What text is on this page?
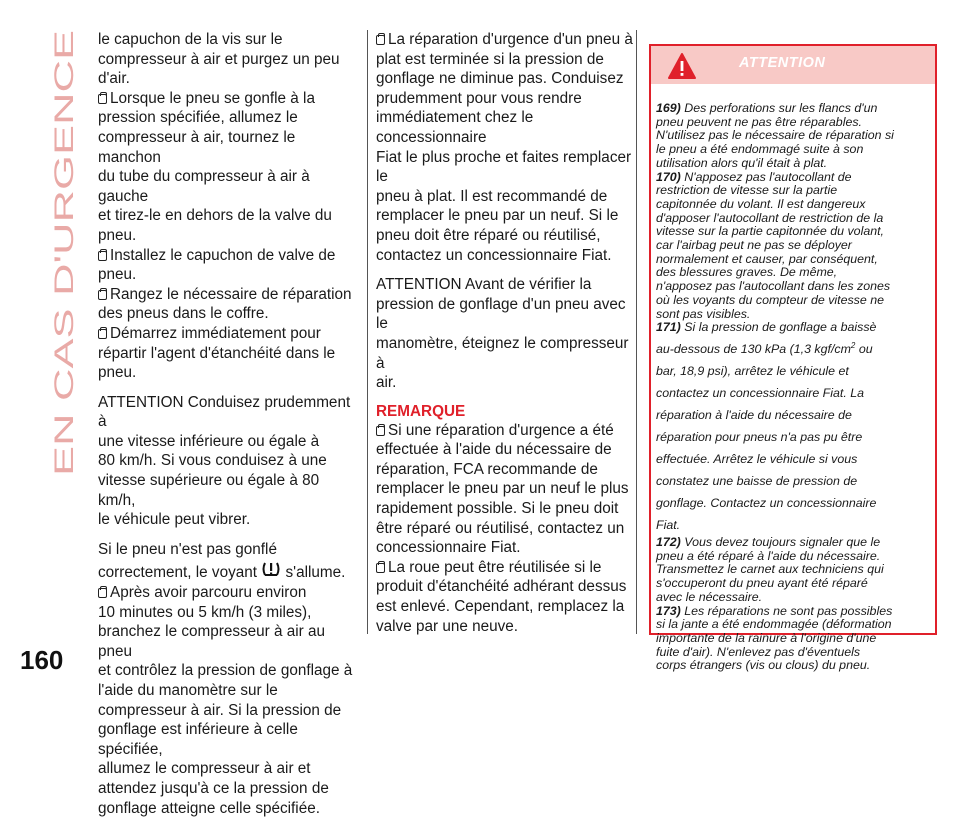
EN CAS D'URGENCE
160

le capuchon de la vis sur le
compresseur à air et purgez un peu
d'air.

Lorsque le pneu se gonfle à la
pression spécifiée, allumez le
compresseur à air, tournez le manchon
du tube du compresseur à air à gauche
et tirez-le en dehors de la valve du
pneu.
Installez le capuchon de valve de
pneu.
Rangez le nécessaire de réparation
des pneus dans le coffre.
Démarrez immédiatement pour
répartir l'agent d'étanchéité dans le
pneu.
ATTENTION Conduisez prudemment à
une vitesse inférieure ou égale à
80 km/h. Si vous conduisez à une
vitesse supérieure ou égale à 80 km/h,
le véhicule peut vibrer.
Si le pneu n'est pas gonflé
correctement, le voyant s'allume.
Après avoir parcouru environ
10 minutes ou 5 km/h (3 miles),
branchez le compresseur à air au pneu
et contrôlez la pression de gonflage à
l'aide du manomètre sur le
compresseur à air. Si la pression de
gonflage est inférieure à celle spécifiée,
allumez le compresseur à air et
attendez jusqu'à ce la pression de
gonflage atteigne celle spécifiée.
La réparation d'urgence d'un pneu à
plat est terminée si la pression de
gonflage ne diminue pas. Conduisez
prudemment pour vous rendre
immédiatement chez le concessionnaire
Fiat le plus proche et faites remplacer le
pneu à plat. Il est recommandé de
remplacer le pneu par un neuf. Si le
pneu doit être réparé ou réutilisé,
contactez un concessionnaire Fiat.
ATTENTION Avant de vérifier la
pression de gonflage d'un pneu avec le
manomètre, éteignez le compresseur à
air.
REMARQUE
Si une réparation d'urgence a été
effectuée à l'aide du nécessaire de
réparation, FCA recommande de
remplacer le pneu par un neuf le plus
rapidement possible. Si le pneu doit
être réparé ou réutilisé, contactez un
concessionnaire Fiat.
La roue peut être réutilisée si le
produit d'étanchéité adhérant dessus
est enlevé. Cependant, remplacez la
valve par une neuve.
ATTENTION
169) Des perforations sur les flancs d'un
pneu peuvent ne pas être réparables.
N'utilisez pas le nécessaire de réparation si
le pneu a été endommagé suite à son
utilisation alors qu'il était à plat.
170) N'apposez pas l'autocollant de
restriction de vitesse sur la partie
capitonnée du volant. Il est dangereux
d'apposer l'autocollant de restriction de la
vitesse sur la partie capitonnée du volant,
car l'airbag peut ne pas se déployer
normalement et causer, par conséquent,
des blessures graves. De même,
n'apposez pas l'autocollant dans les zones
où les voyants du compteur de vitesse ne
sont pas visibles.
171) Si la pression de gonflage a baissè
au-dessous de 130 kPa (1,3 kgf/$cm^2$ ou
bar, 18,9 psi), arrêtez le véhicule et
contactez un concessionnaire Fiat. La
réparation à l'aide du nécessaire de
réparation pour pneus n'a pas pu être
effectuée. Arrêtez le véhicule si vous
constatez une baisse de pression de
gonflage. Contactez un concessionnaire
Fiat.
172) Vous devez toujours signaler que le
pneu a été réparé à l'aide du nécessaire.
Transmettez le carnet aux techniciens qui
s'occuperont du pneu ayant été réparé
avec le nécessaire.
173) Les réparations ne sont pas possibles
si la jante a été endommagée (déformation
importante de la rainure à l'origine d'une
fuite d'air). N'enlevez pas d'éventuels
corps étrangers (vis ou clous) du pneu.
